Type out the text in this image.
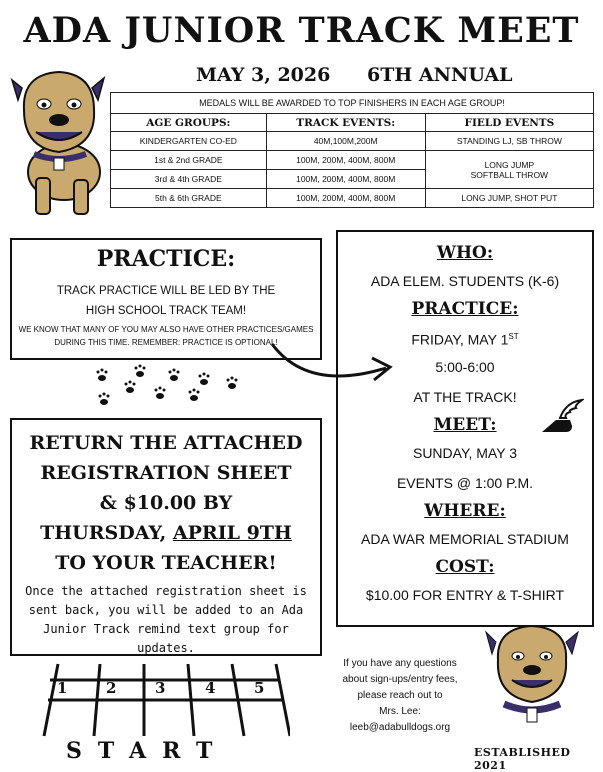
ADA JUNIOR TRACK MEET
MAY 3, 2026 6TH ANNUAL
MEDALS WILL BE AWARDED TO TOP FINISHERS IN EACH AGE GROUP!		
AGE GROUPS:	TRACK EVENTS:	FIELD EVENTS
KINDERGARTEN CO-ED	40M,100M,200M	STANDING LJ, SB THROW
1st & 2nd GRADE	100M, 200M, 400M, 800M	LONG JUMP
SOFTBALL THROW

3rd & 4th GRADE	100M, 200M, 400M, 800M	
5th & 6th GRADE	100M, 200M, 400M, 800M	LONG JUMP, SHOT PUT
PRACTICE:
TRACK PRACTICE WILL BE LED BY THE
HIGH SCHOOL TRACK TEAM!
WE KNOW THAT MANY OF YOU MAY ALSO HAVE OTHER PRACTICES/GAMES
DURING THIS TIME. REMEMBER: PRACTICE IS OPTIONAL!
RETURN THE ATTACHED
REGISTRATION SHEET
& $10.00 BY
THURSDAY, APRIL 9TH
TO YOUR TEACHER!
Once the attached registration sheet is sent back, you will be added to an Ada Junior Track remind text group for updates.
WHO:
ADA ELEM. STUDENTS (K-6)
PRACTICE:
FRIDAY, MAY 1ST
5:00-6:00
AT THE TRACK!
MEET:
SUNDAY, MAY 3
EVENTS @ 1:00 P.M.
WHERE:
ADA WAR MEMORIAL STADIUM
COST:
$10.00 FOR ENTRY & T-SHIRT
If you have any questions
about sign-ups/entry fees,
please reach out to
Mrs. Lee:
leeb@adabulldogs.org
1	2	3	4	5
START	ESTABLISHED 2021
